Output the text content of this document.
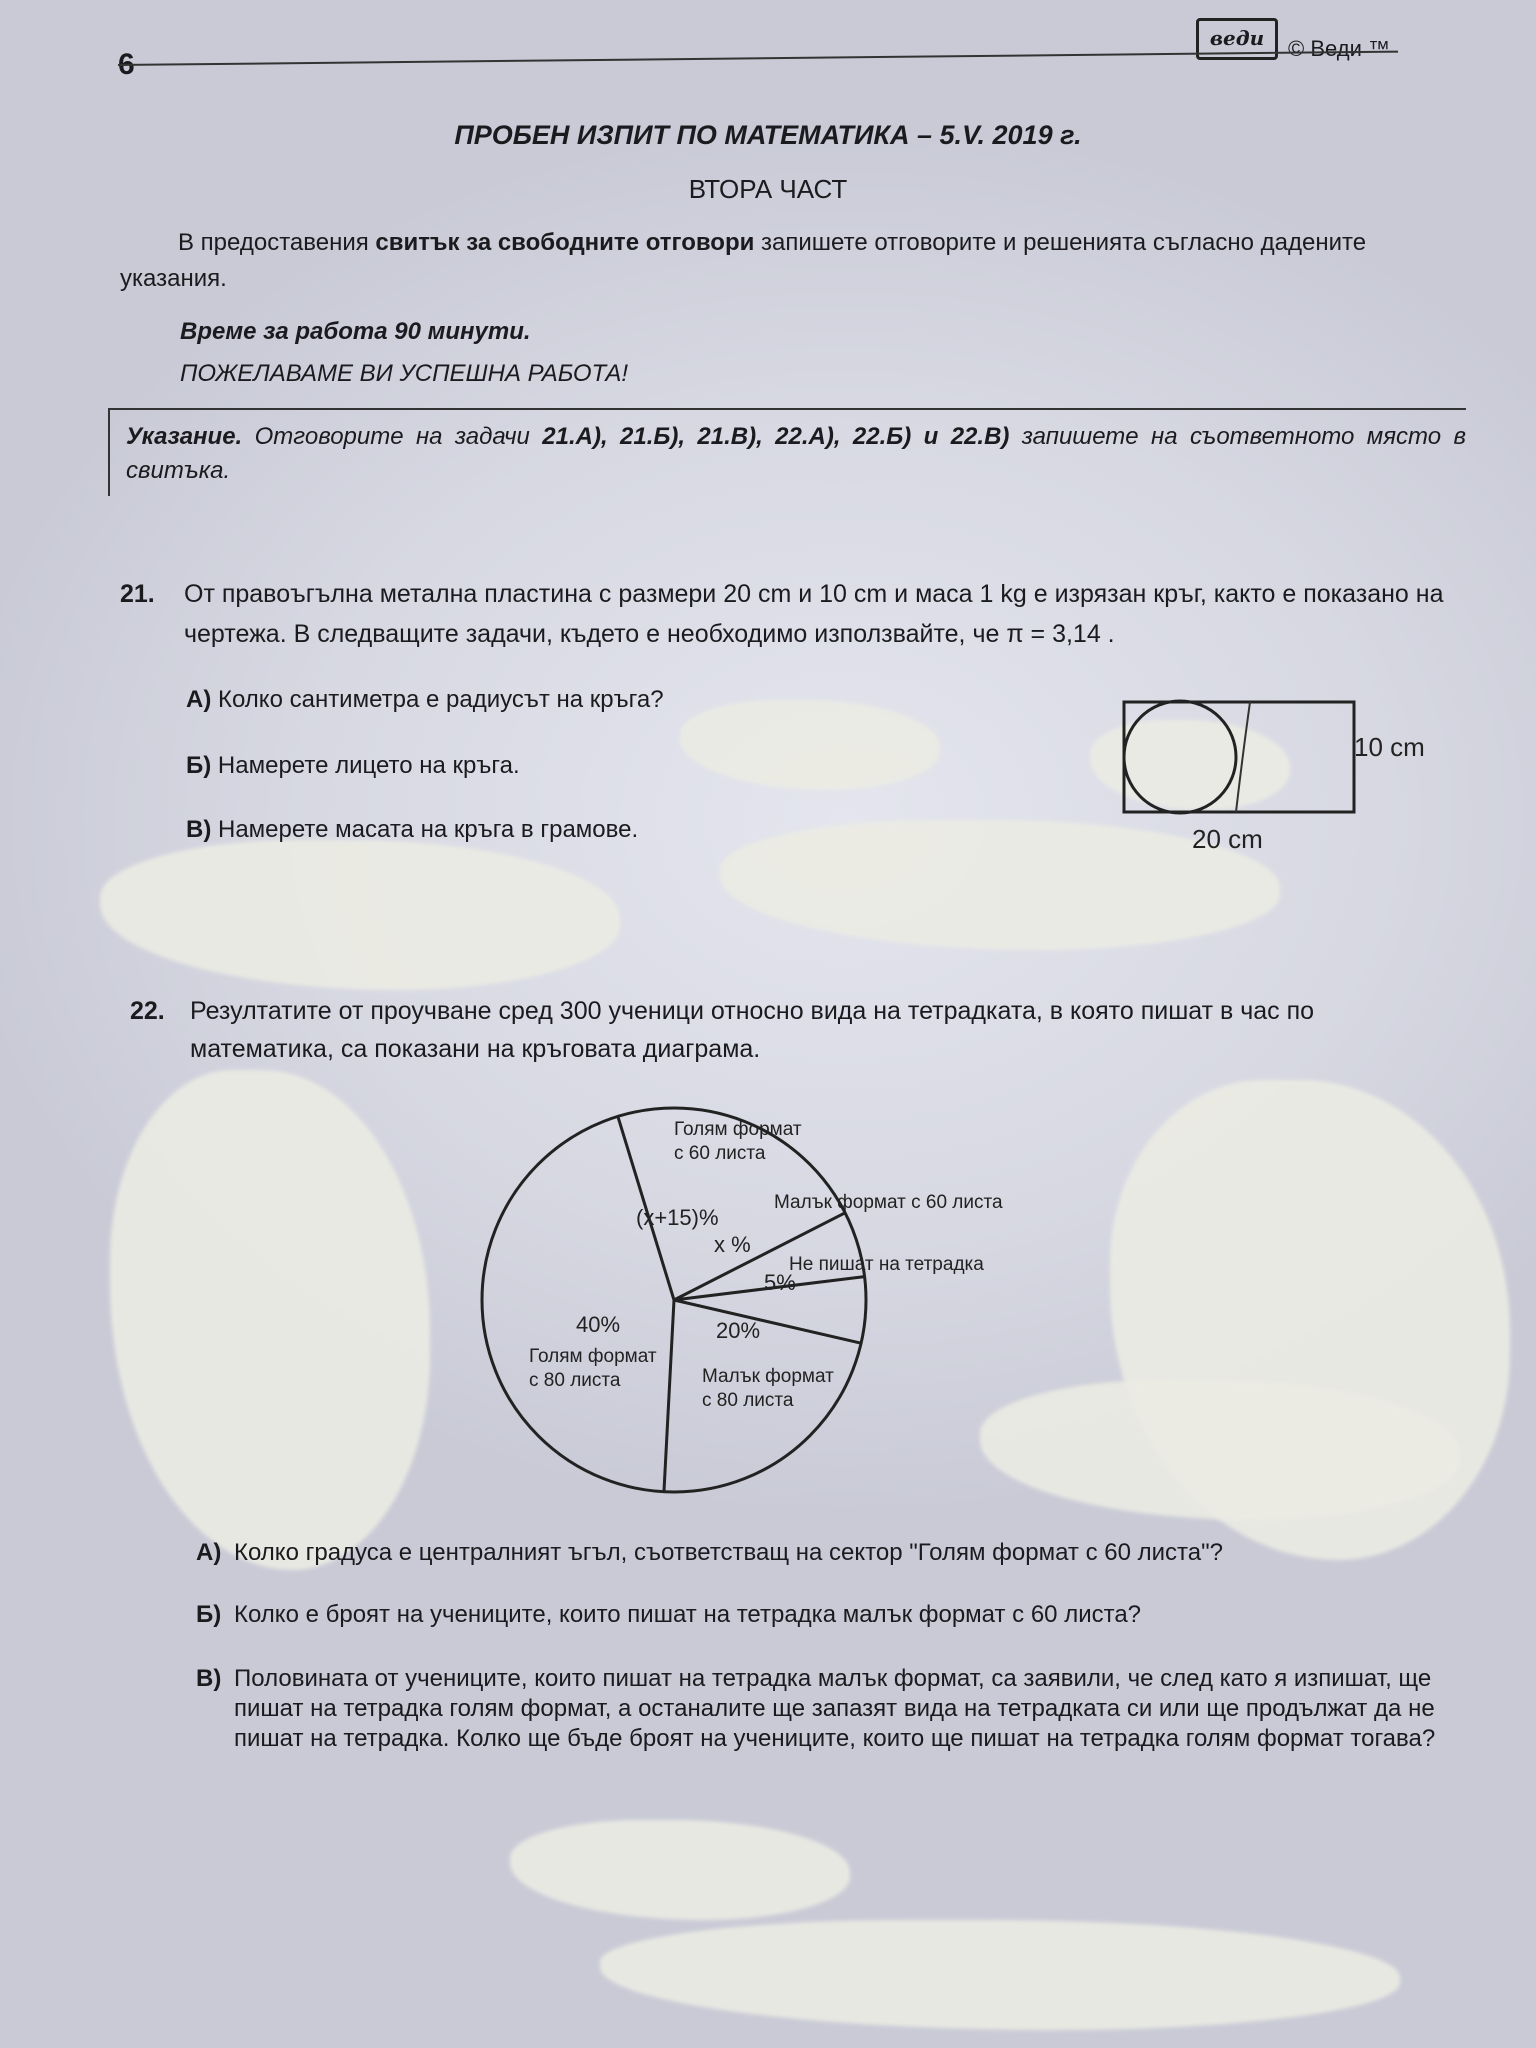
6
веди	© Веди ™
ПРОБЕН ИЗПИТ ПО МАТЕМАТИКА – 5.V. 2019 г.
ВТОРА ЧАСТ
В предоставения свитък за свободните отговори запишете отговорите и решенията съгласно дадените указания.
Време за работа 90 минути.
ПОЖЕЛАВАМЕ ВИ УСПЕШНА РАБОТА!
Указание. Отговорите на задачи 21.А), 21.Б), 21.В), 22.А), 22.Б) и 22.В) запишете на съответното място в свитъка.
21. От правоъгълна метална пластина с размери 20 cm и 10 cm и маса 1 kg е изрязан кръг, както е показано на чертежа. В следващите задачи, където е необходимо използвайте, че π = 3,14 .
А) Колко сантиметра е радиусът на кръга?
Б) Намерете лицето на кръга.
В) Намерете масата на кръга в грамове.
10 cm
20 cm
22. Резултатите от проучване сред 300 ученици относно вида на тетрадката, в която пишат в час по математика, са показани на кръговата диаграма.
Голям формат
с 60 листа
(x+15)%
Малък формат с 60 листа
x %
Не пишат на тетрадка
5%
Малък формат
с 80 листа
20%
Голям формат
с 80 листа
40%
А) Колко градуса е централният ъгъл, съответстващ на сектор "Голям формат с 60 листа"?
Б) Колко е броят на учениците, които пишат на тетрадка малък формат с 60 листа?
В) Половината от учениците, които пишат на тетрадка малък формат, са заявили, че след като я изпишат, ще пишат на тетрадка голям формат, а останалите ще запазят вида на тетрадката си или ще продължат да не пишат на тетрадка. Колко ще бъде броят на учениците, които ще пишат на тетрадка голям формат тогава?
